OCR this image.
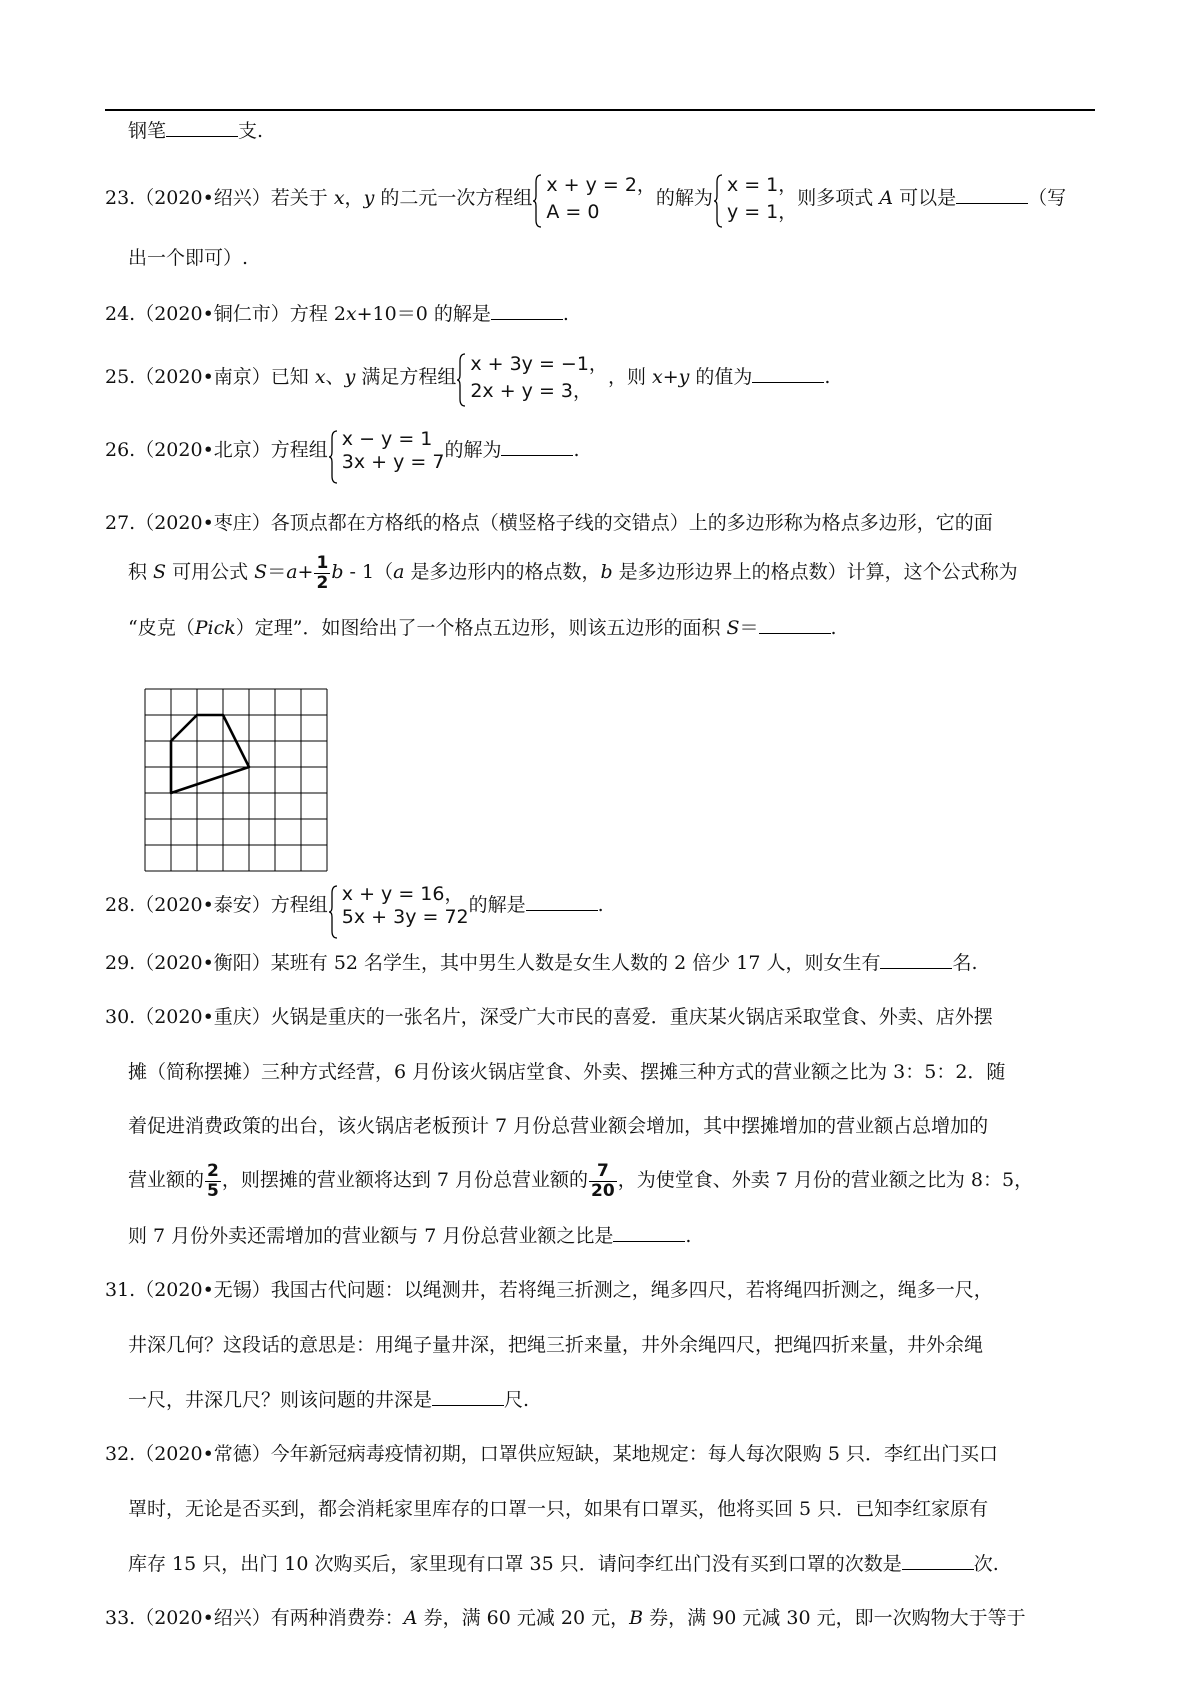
钢笔	支.
23.（2020•绍兴）若关于 x，y 的二元一次方程组
x + y = 2，
A = 0的解为
x = 1，
y = 1，则多项式 A 可以是	（写
出一个即可）.
24.（2020•铜仁市）方程 2x+10＝0 的解是	.
25.（2020•南京）已知 x、y 满足方程组
x + 3y = −1，
2x + y = 3，，则 x+y 的值为	.
26.（2020•北京）方程组 x − y = 1
3x + y = 7的解为	.
27.（2020•枣庄）各顶点都在方格纸的格点（横竖格子线的交错点）上的多边形称为格点多边形，它的面
积 S 可用公式 $S=a+ \frac{1}{2}$ b - 1（a 是多边形内的格点数，b 是多边形边界上的格点数）计算，这个公式称为
“皮克（Pick）定理”．如图给出了一个格点五边形，则该五边形的面积 S＝	.
28.（2020•泰安）方程组 x + y = 16，
5x + 3y = 72的解是	.
29.（2020•衡阳）某班有 52 名学生，其中男生人数是女生人数的 2 倍少 17 人，则女生有	名.
30.（2020•重庆）火锅是重庆的一张名片，深受广大市民的喜爱．重庆某火锅店采取堂食、外卖、店外摆
摊（简称摆摊）三种方式经营，6 月份该火锅店堂食、外卖、摆摊三种方式的营业额之比为 3：5：2．随
着促进消费政策的出台，该火锅店老板预计 7 月份总营业额会增加，其中摆摊增加的营业额占总增加的
营业额的 $\frac{2}{5}$ ，则摆摊的营业额将达到 7 月份总营业额的 $\frac{7}{20}$ ，为使堂食、外卖 7 月份的营业额之比为 8：5，
则 7 月份外卖还需增加的营业额与 7 月份总营业额之比是	.
31.（2020•无锡）我国古代问题：以绳测井，若将绳三折测之，绳多四尺，若将绳四折测之，绳多一尺，
井深几何？这段话的意思是：用绳子量井深，把绳三折来量，井外余绳四尺，把绳四折来量，井外余绳
一尺，井深几尺？则该问题的井深是	尺.
32.（2020•常德）今年新冠病毒疫情初期，口罩供应短缺，某地规定：每人每次限购 5 只．李红出门买口
罩时，无论是否买到，都会消耗家里库存的口罩一只，如果有口罩买，他将买回 5 只．已知李红家原有
库存 15 只，出门 10 次购买后，家里现有口罩 35 只．请问李红出门没有买到口罩的次数是	次.
33.（2020•绍兴）有两种消费券：A 券，满 60 元减 20 元，B 券，满 90 元减 30 元，即一次购物大于等于
